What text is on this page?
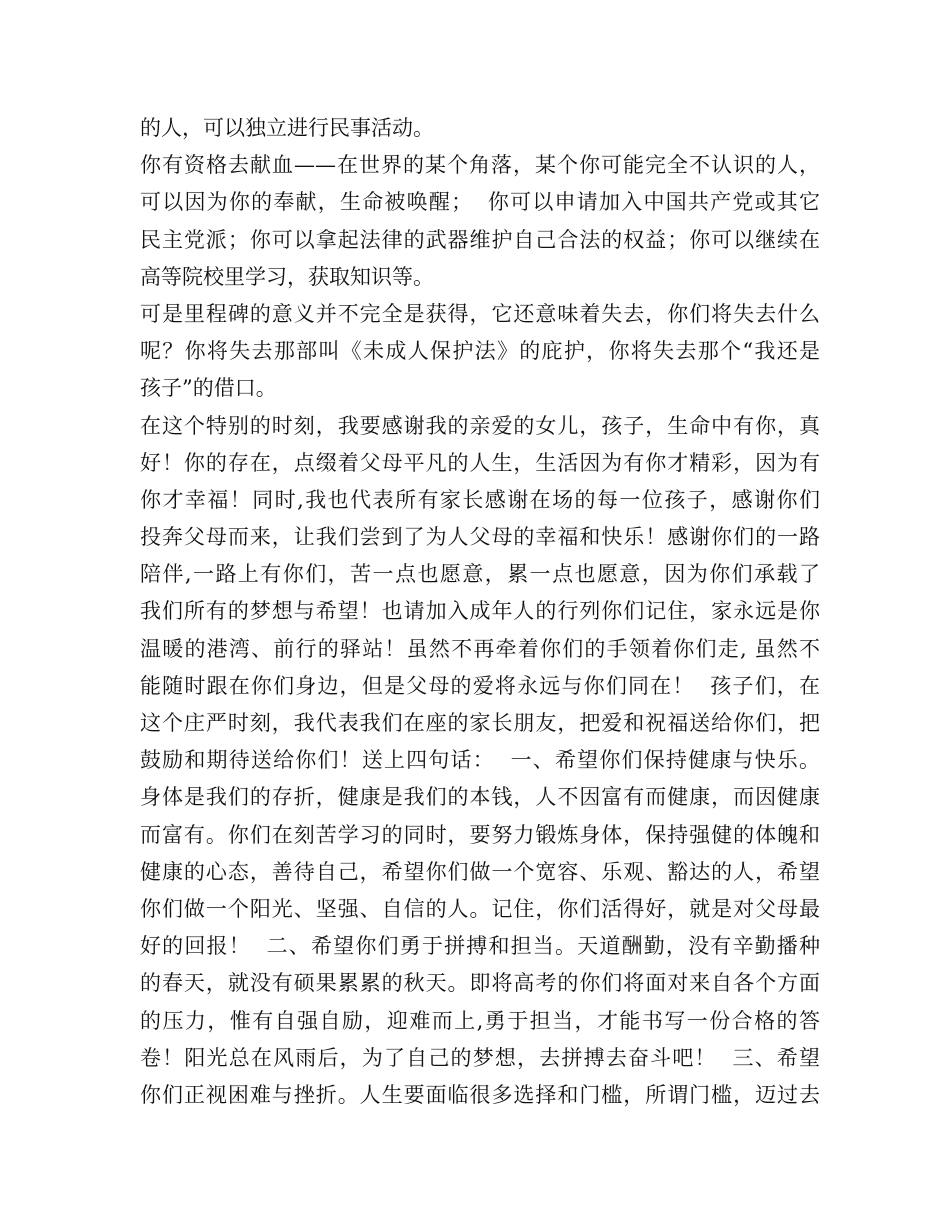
的人，可以独立进行民事活动。
你有资格去献血——在世界的某个角落，某个你可能完全不认识的人，
可以因为你的奉献，生命被唤醒；  你可以申请加入中国共产党或其它
民主党派；你可以拿起法律的武器维护自己合法的权益；你可以继续在
高等院校里学习，获取知识等。
可是里程碑的意义并不完全是获得，它还意味着失去，你们将失去什么
呢？你将失去那部叫《未成人保护法》的庇护，你将失去那个“我还是
孩子”的借口。
在这个特别的时刻，我要感谢我的亲爱的女儿，孩子，生命中有你，真
好！你的存在，点缀着父母平凡的人生，生活因为有你才精彩，因为有
你才幸福！同时,我也代表所有家长感谢在场的每一位孩子，感谢你们
投奔父母而来，让我们尝到了为人父母的幸福和快乐！感谢你们的一路
陪伴,一路上有你们，苦一点也愿意，累一点也愿意，因为你们承载了
我们所有的梦想与希望！也请加入成年人的行列你们记住，家永远是你
温暖的港湾、前行的驿站！虽然不再牵着你们的手领着你们走, 虽然不
能随时跟在你们身边，但是父母的爱将永远与你们同在！  孩子们，在
这个庄严时刻，我代表我们在座的家长朋友，把爱和祝福送给你们，把
鼓励和期待送给你们！送上四句话：  一、希望你们保持健康与快乐。
身体是我们的存折，健康是我们的本钱，人不因富有而健康，而因健康
而富有。你们在刻苦学习的同时，要努力锻炼身体，保持强健的体魄和
健康的心态，善待自己，希望你们做一个宽容、乐观、豁达的人，希望
你们做一个阳光、坚强、自信的人。记住，你们活得好，就是对父母最
好的回报！  二、希望你们勇于拼搏和担当。天道酬勤，没有辛勤播种
的春天，就没有硕果累累的秋天。即将高考的你们将面对来自各个方面
的压力，惟有自强自励，迎难而上,勇于担当，才能书写一份合格的答
卷！阳光总在风雨后，为了自己的梦想，去拼搏去奋斗吧！  三、希望
你们正视困难与挫折。人生要面临很多选择和门槛，所谓门槛，迈过去
